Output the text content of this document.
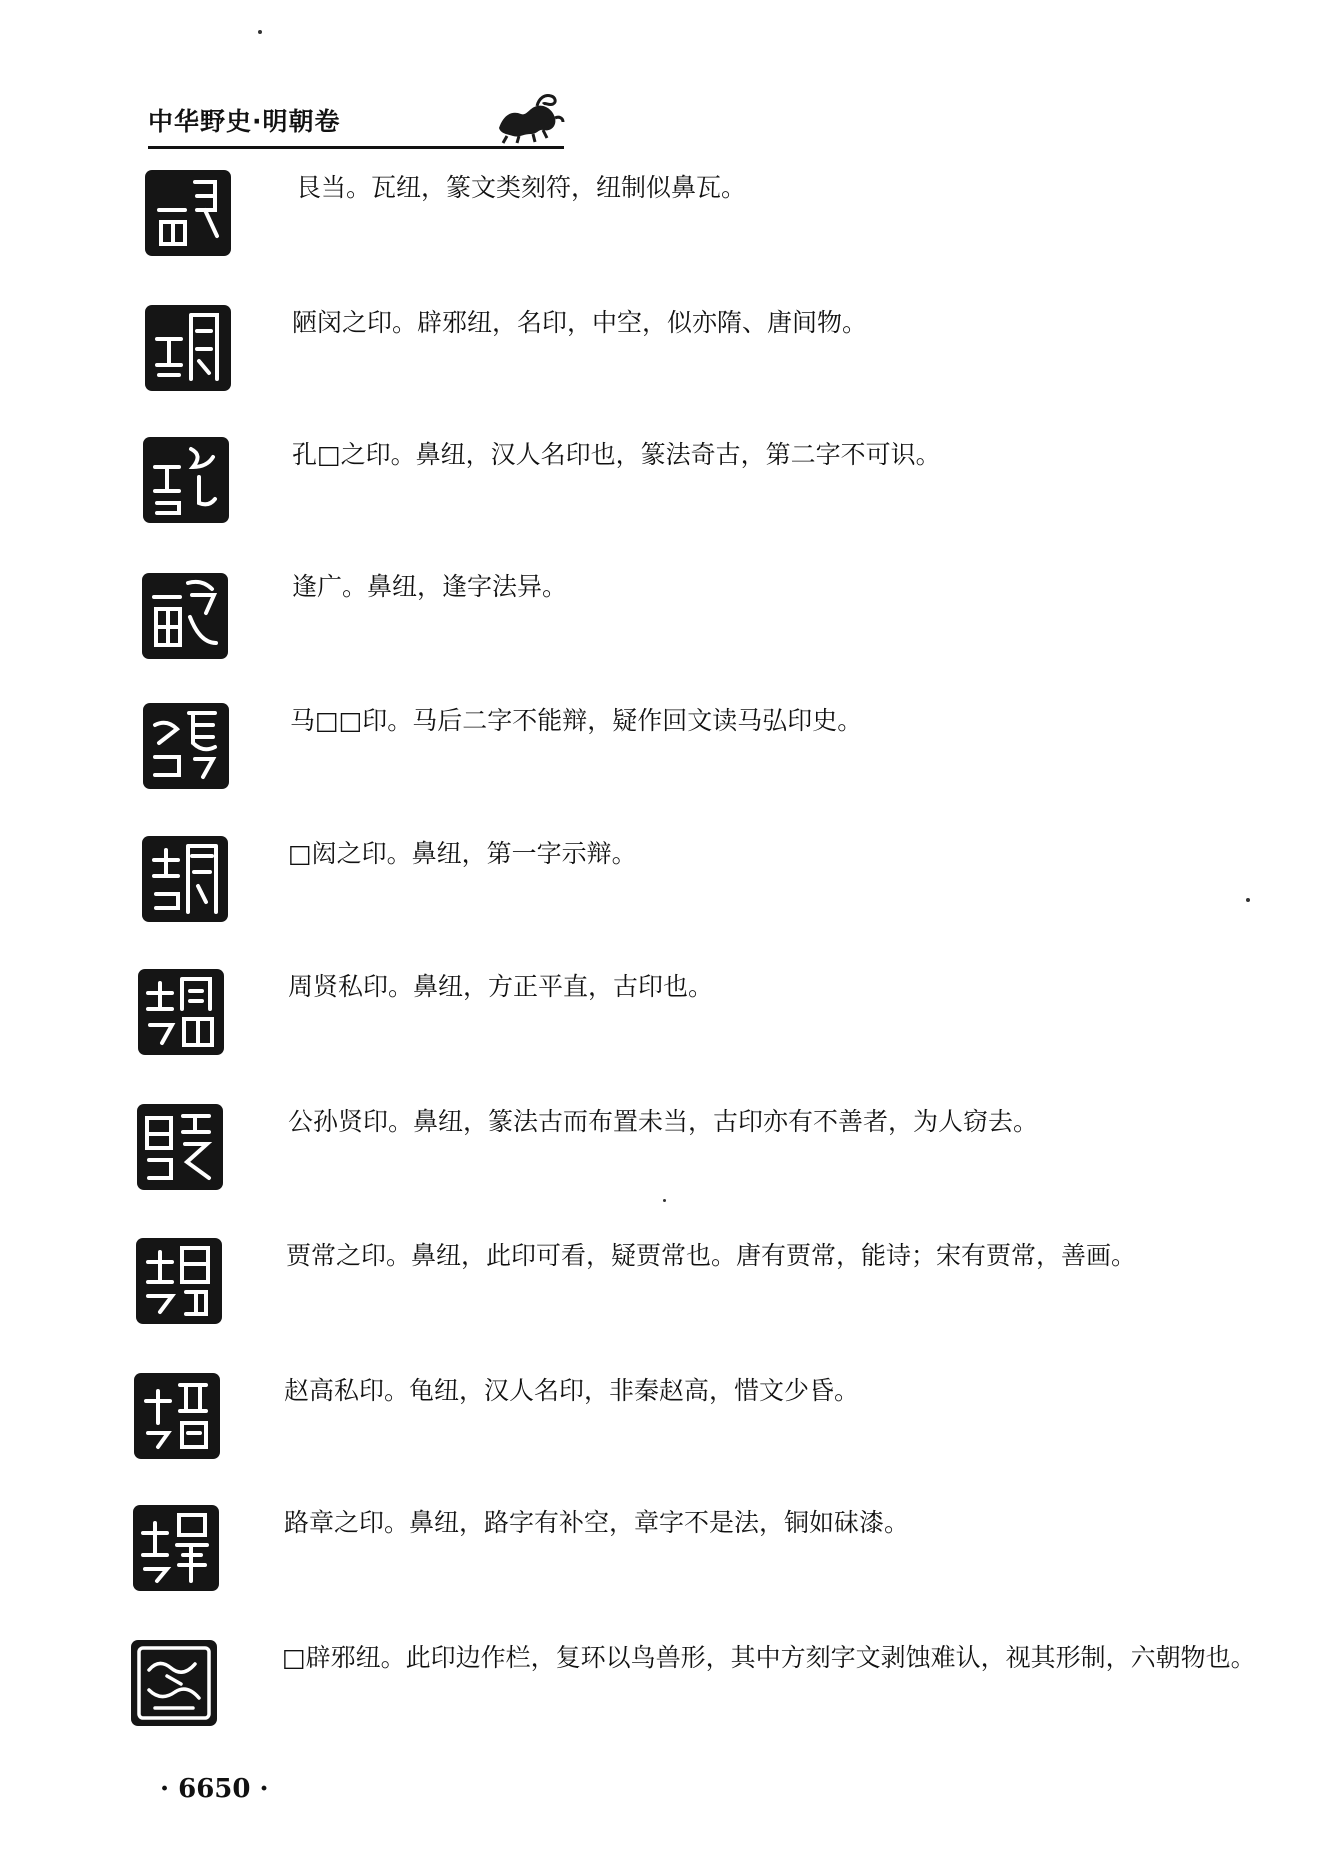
中华野史·明朝卷
艮当。瓦纽，篆文类刻符，纽制似鼻瓦。
陋闵之印。辟邪纽，名印，中空，似亦隋、唐间物。
孔□之印。鼻纽，汉人名印也，篆法奇古，第二字不可识。
逢广。鼻纽，逢字法异。
马□□印。马后二字不能辩，疑作回文读马弘印史。
□闳之印。鼻纽，第一字示辩。
周贤私印。鼻纽，方正平直，古印也。
公孙贤印。鼻纽，篆法古而布置未当，古印亦有不善者，为人窃去。
贾常之印。鼻纽，此印可看，疑贾常也。唐有贾常，能诗；宋有贾常，善画。
赵高私印。龟纽，汉人名印，非秦赵高，惜文少昏。
路章之印。鼻纽，路字有补空，章字不是法，铜如砞漆。
□辟邪纽。此印边作栏，复环以鸟兽形，其中方刻字文剥蚀难认，视其形制，六朝物也。
· 6650 ·
